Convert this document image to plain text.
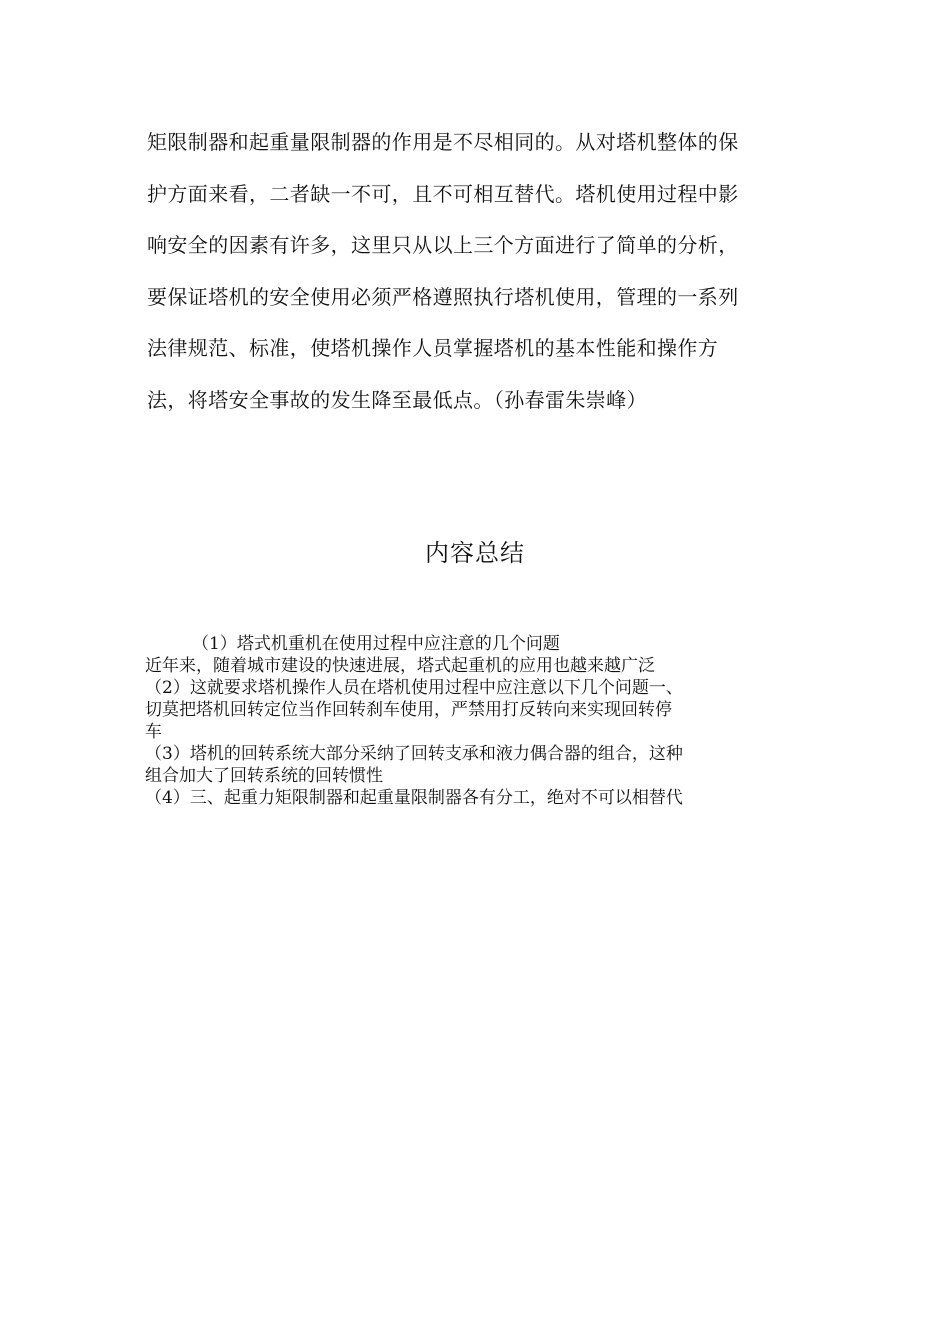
矩限制器和起重量限制器的作用是不尽相同的。从对塔机整体的保
护方面来看，二者缺一不可，且不可相互替代。塔机使用过程中影
响安全的因素有许多，这里只从以上三个方面进行了简单的分析，
要保证塔机的安全使用必须严格遵照执行塔机使用，管理的一系列
法律规范、标准，使塔机操作人员掌握塔机的基本性能和操作方
法，将塔安全事故的发生降至最低点。（孙春雷朱崇峰）
内容总结
（1）塔式机重机在使用过程中应注意的几个问题
近年来，随着城市建设的快速进展，塔式起重机的应用也越来越广泛
（2）这就要求塔机操作人员在塔机使用过程中应注意以下几个问题一、
切莫把塔机回转定位当作回转刹车使用，严禁用打反转向来实现回转停
车
（3）塔机的回转系统大部分采纳了回转支承和液力偶合器的组合，这种
组合加大了回转系统的回转惯性
（4）三、起重力矩限制器和起重量限制器各有分工，绝对不可以相替代
